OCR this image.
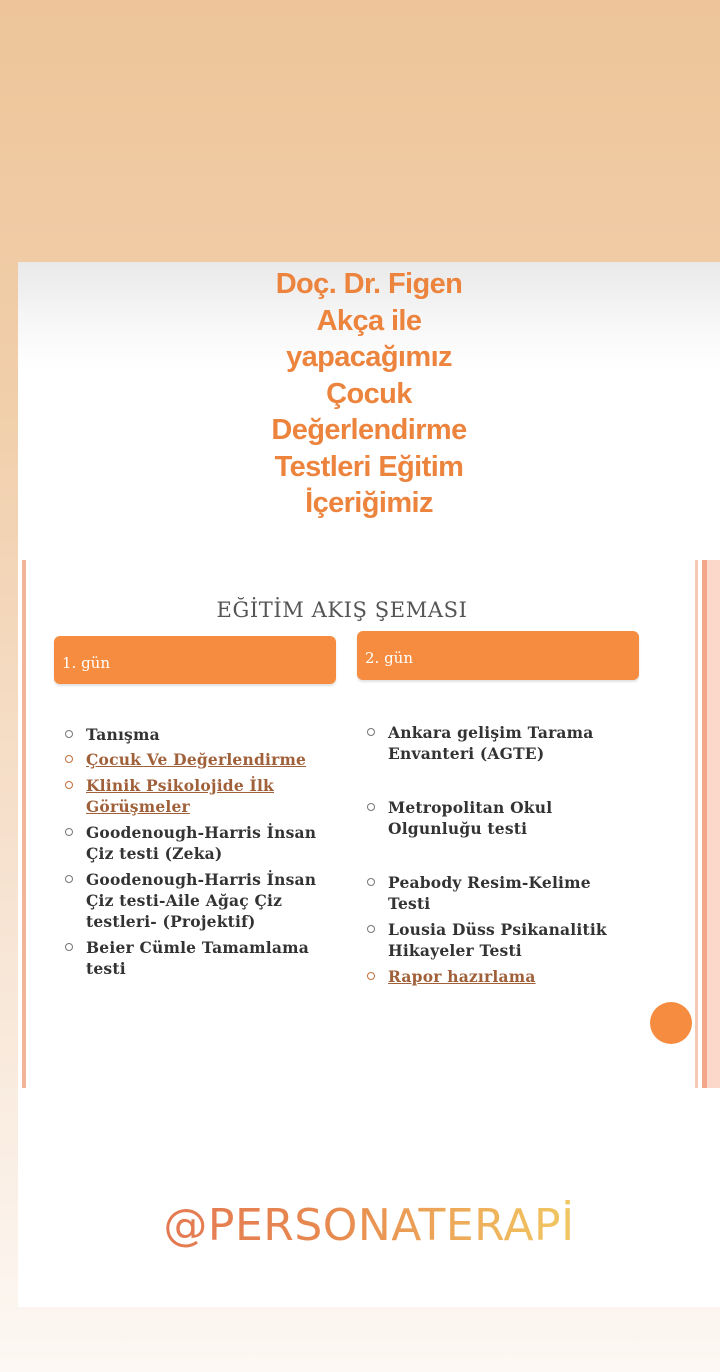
Doç. Dr. Figen
Akça ile
yapacağımız
Çocuk
Değerlendirme
Testleri Eğitim
İçeriğimiz
EĞİTİM AKIŞ ŞEMASI
1. gün	2. gün
Tanışma
Çocuk Ve Değerlendirme
Klinik Psikolojide İlk Görüşmeler
Goodenough-Harris İnsan Çiz testi (Zeka)
Goodenough-Harris İnsan Çiz testi-Aile Ağaç Çiz testleri- (Projektif)
Beier Cümle Tamamlama testi
Ankara gelişim Tarama Envanteri (AGTE)
Metropolitan Okul Olgunluğu testi
Peabody Resim-Kelime Testi
Lousia Düss Psikanalitik Hikayeler Testi
Rapor hazırlama
@PERSONATERAPİ
